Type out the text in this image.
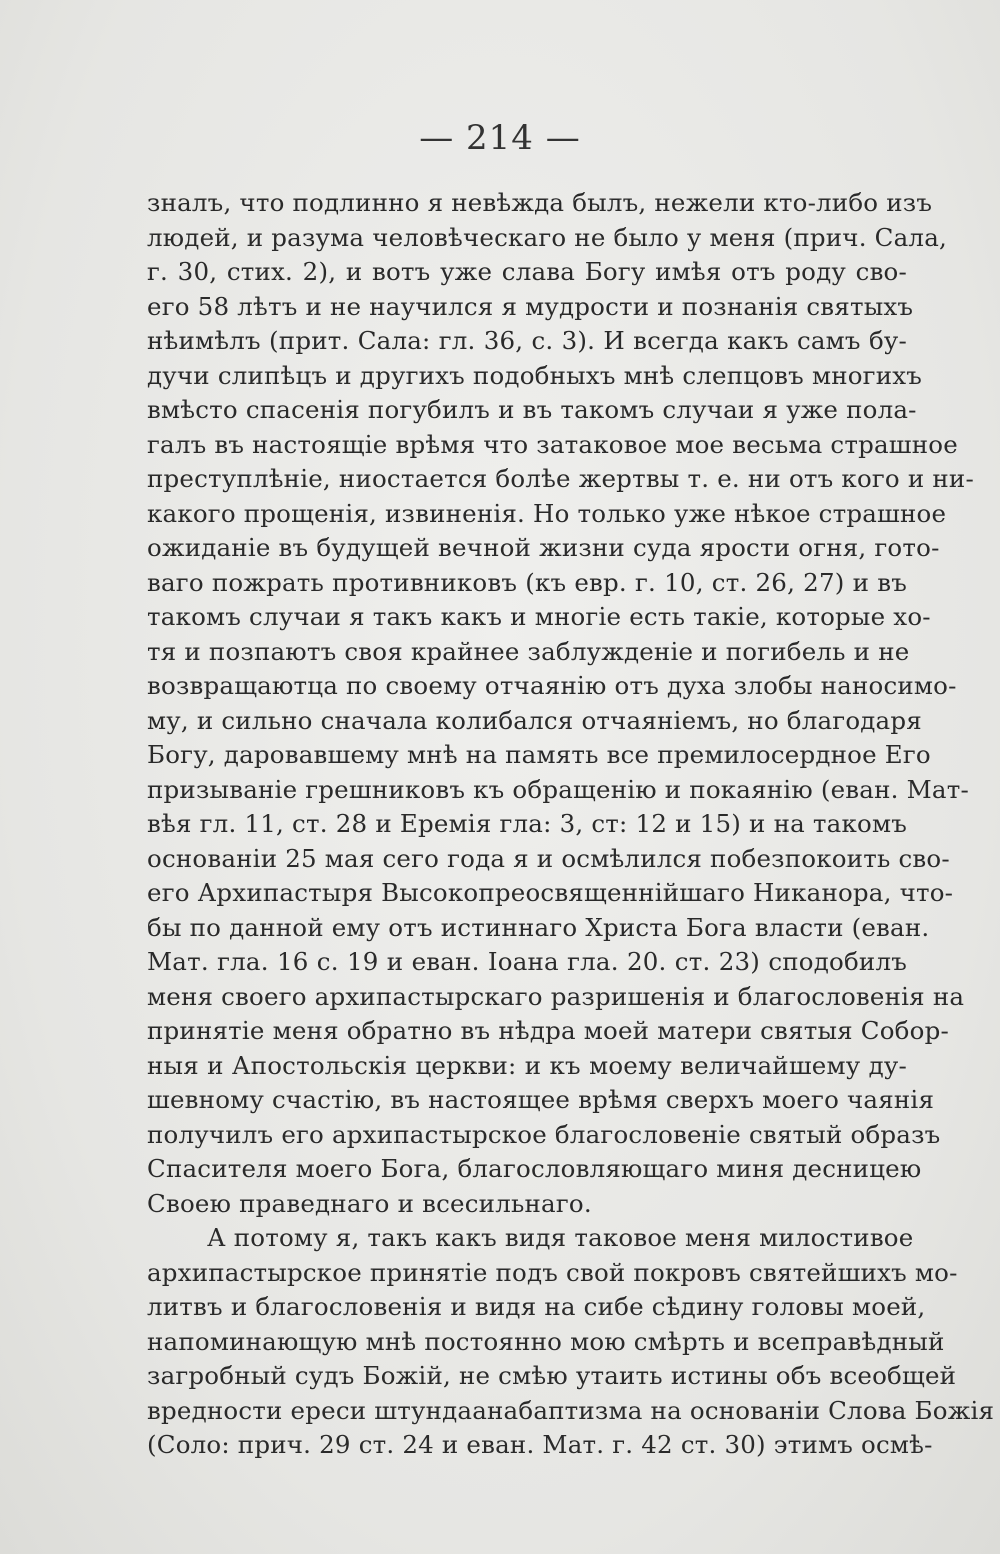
— 214 —
зналъ, что подлинно я невѣжда былъ, нежели кто-либо изъ
людей, и разума человѣческаго не было у меня (прич. Сала,
г. 30, стих. 2), и вотъ уже слава Богу имѣя отъ роду сво-
его 58 лѣтъ и не научился я мудрости и познанія святыхъ
нѣимѣлъ (прит. Сала: гл. 36, с. 3). И всегда какъ самъ бу-
дучи слипѣцъ и другихъ подобныхъ мнѣ слепцовъ многихъ
вмѣсто спасенія погубилъ и въ такомъ случаи я уже пола-
галъ въ настоящіе врѣмя что затаковое мое весьма страшное
преступлѣніе, ниостается болѣе жертвы т. е. ни отъ кого и ни-
какого прощенія, извиненія. Но только уже нѣкое страшное
ожиданіе въ будущей вечной жизни суда ярости огня, гото-
ваго пожрать противниковъ (къ евр. г. 10, ст. 26, 27) и въ
такомъ случаи я такъ какъ и многіе есть такіе, которые хо-
тя и позпаютъ своя крайнее заблужденіе и погибель и не
возвращаютца по своему отчаянію отъ духа злобы наносимо-
му, и сильно сначала колибался отчаяніемъ, но благодаря
Богу, даровавшему мнѣ на память все премилосердное Его
призываніе грешниковъ къ обращенію и покаянію (еван. Мат-
вѣя гл. 11, ст. 28 и Еремія гла: 3, ст: 12 и 15) и на такомъ
основаніи 25 мая сего года я и осмѣлился побезпокоить сво-
его Архипастыря Высокопреосвященнійшаго Никанора, что-
бы по данной ему отъ истиннаго Христа Бога власти (еван.
Мат. гла. 16 с. 19 и еван. Іоана гла. 20. ст. 23) сподобилъ
меня своего архипастырскаго разришенія и благословенія на
принятіе меня обратно въ нѣдра моей матери святыя Собор-
ныя и Апостольскія церкви: и къ моему величайшему ду-
шевному счастію, въ настоящее врѣмя сверхъ моего чаянія
получилъ его архипастырское благословеніе святый образъ
Спасителя моего Бога, благословляющаго миня десницею
Своею праведнаго и всесильнаго.
А потому я, такъ какъ видя таковое меня милостивое
архипастырское принятіе подъ свой покровъ святейшихъ мо-
литвъ и благословенія и видя на сибе сѣдину головы моей,
напоминающую мнѣ постоянно мою смѣрть и всеправѣдный
загробный судъ Божій, не смѣю утаить истины объ всеобщей
вредности ереси штундаанабаптизма на основаніи Слова Божія
(Соло: прич. 29 ст. 24 и еван. Мат. г. 42 ст. 30) этимъ осмѣ-
